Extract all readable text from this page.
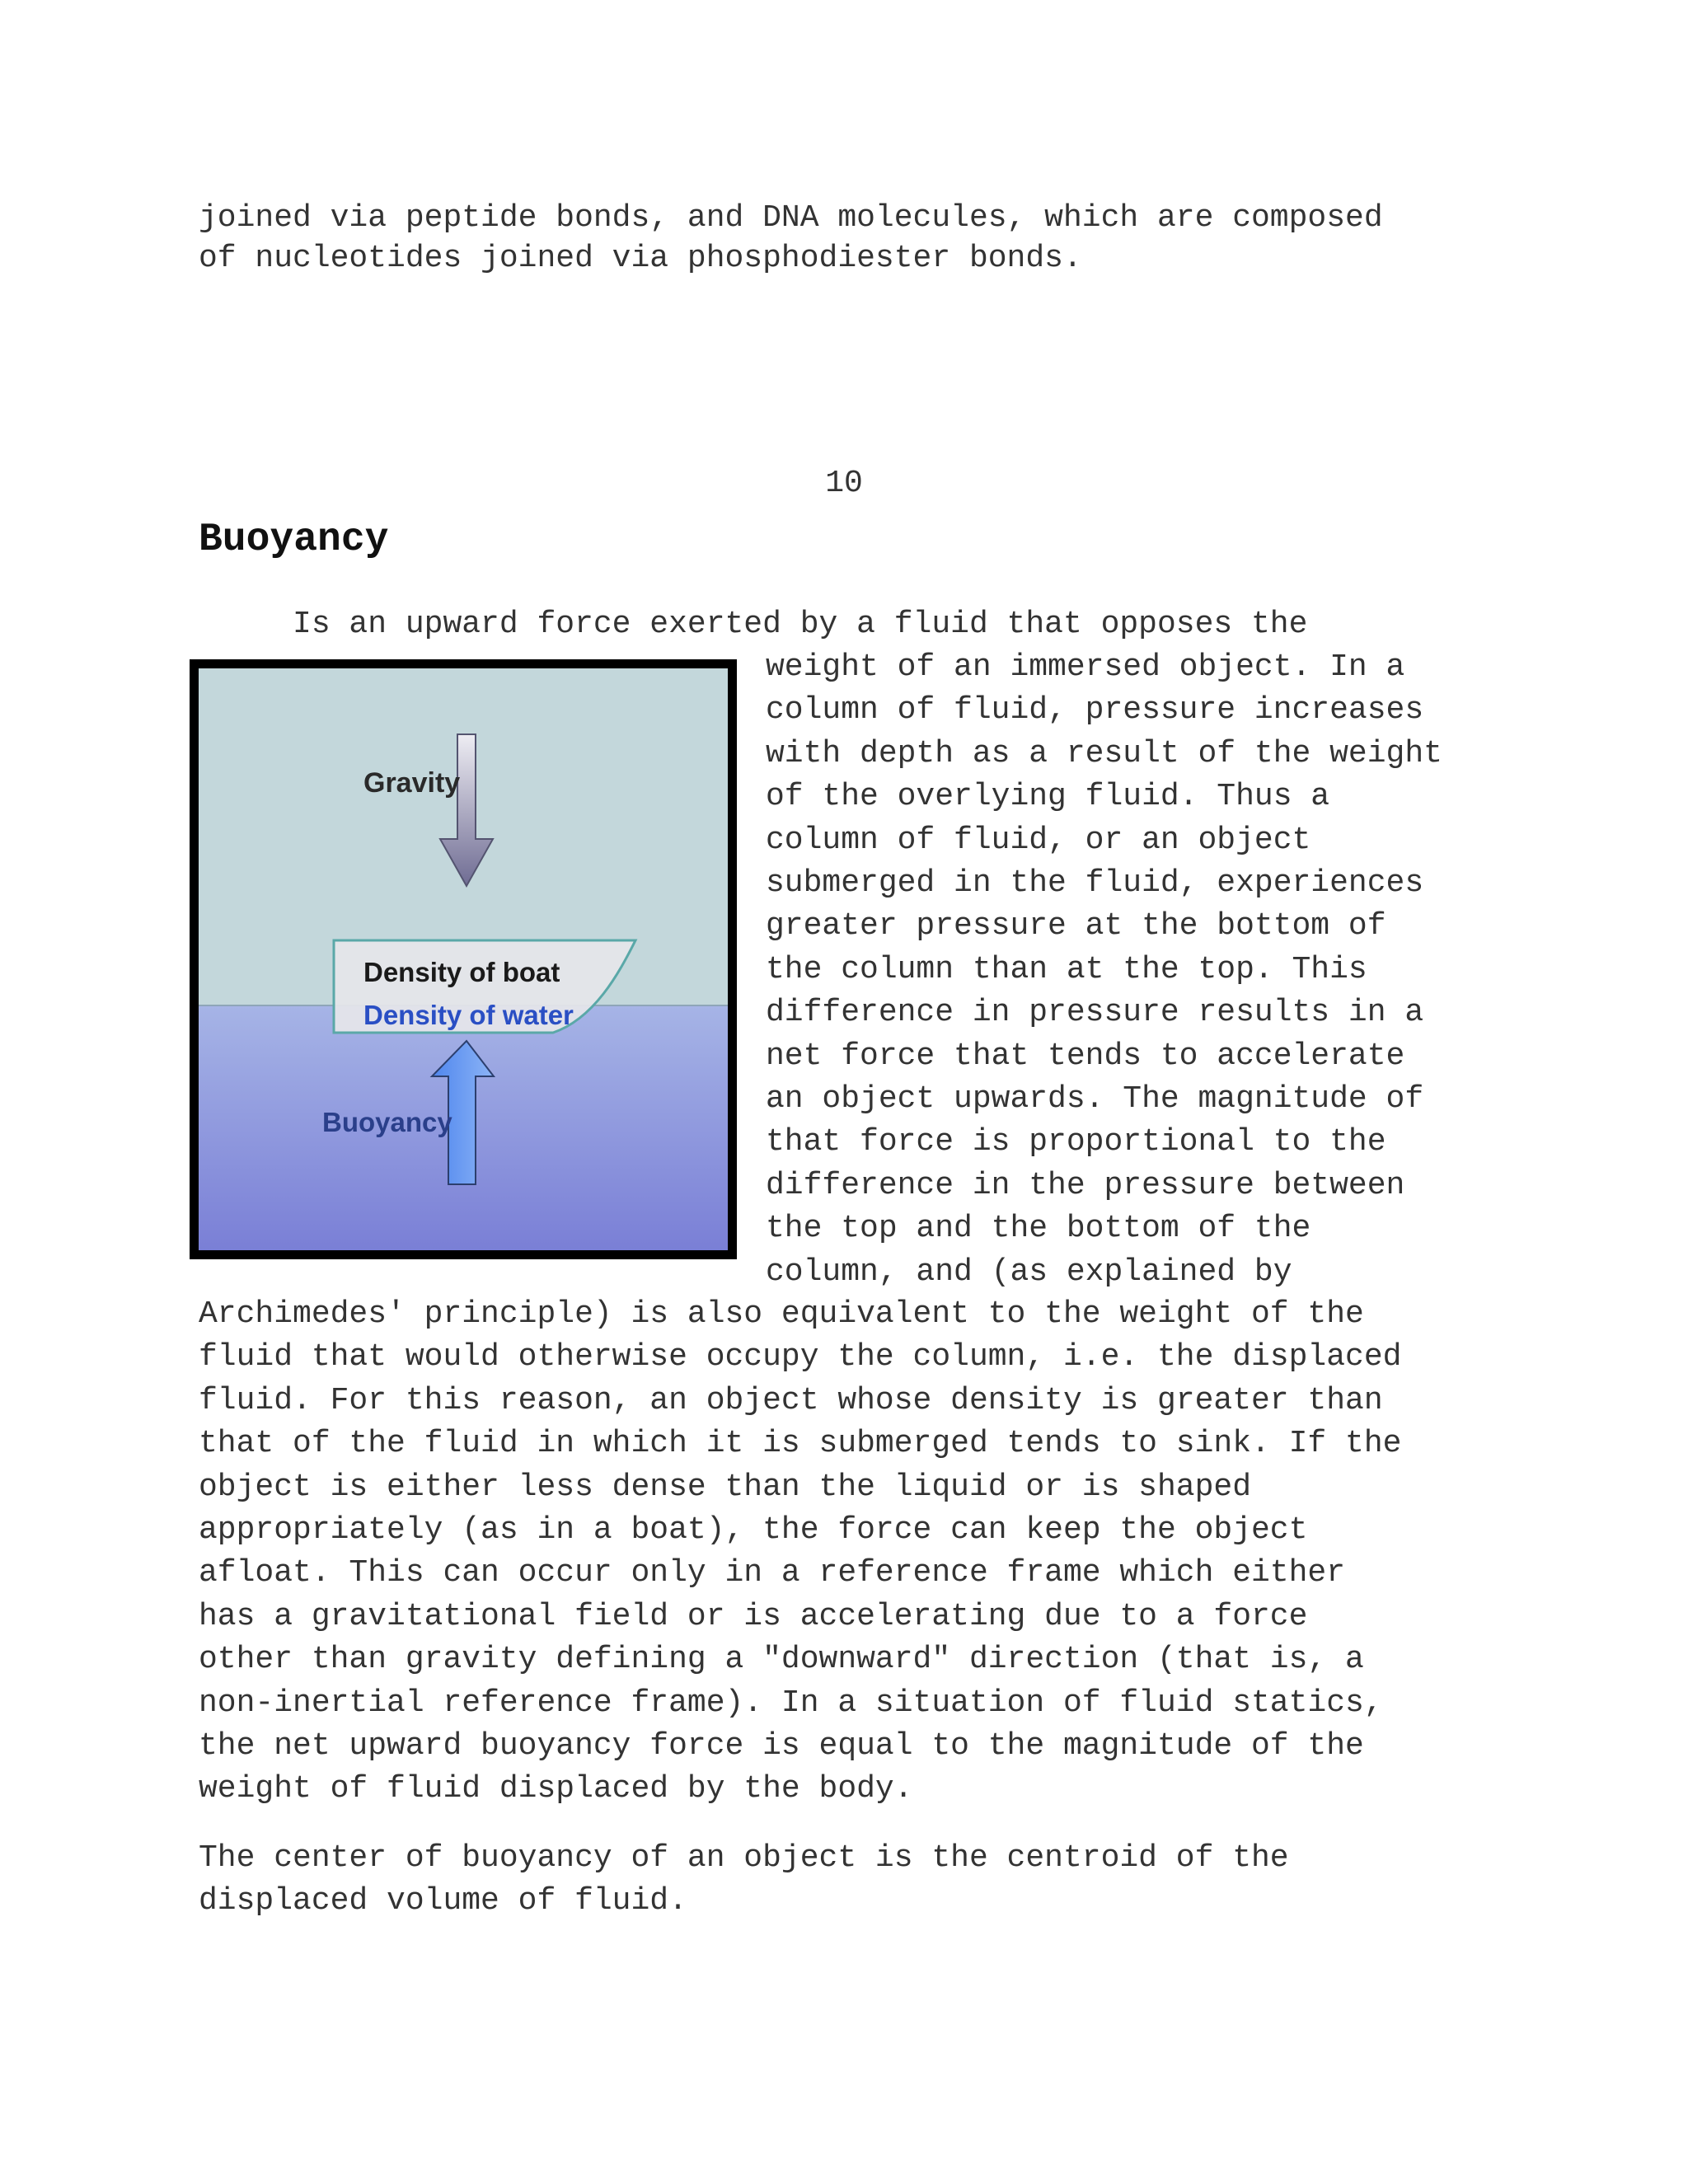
joined via peptide bonds, and DNA molecules, which are composed
of nucleotides joined via phosphodiester bonds.

10
Buoyancy

Is an upward force exerted by a fluid that opposes the

Gravity
Density of boat
Density of water
Buoyancy

weight of an immersed object. In a
column of fluid, pressure increases
with depth as a result of the weight
of the overlying fluid. Thus a
column of fluid, or an object
submerged in the fluid, experiences
greater pressure at the bottom of
the column than at the top. This
difference in pressure results in a
net force that tends to accelerate
an object upwards. The magnitude of
that force is proportional to the
difference in the pressure between
the top and the bottom of the
column, and (as explained by

Archimedes' principle) is also equivalent to the weight of the
fluid that would otherwise occupy the column, i.e. the displaced
fluid. For this reason, an object whose density is greater than
that of the fluid in which it is submerged tends to sink. If the
object is either less dense than the liquid or is shaped
appropriately (as in a boat), the force can keep the object
afloat. This can occur only in a reference frame which either
has a gravitational field or is accelerating due to a force
other than gravity defining a "downward" direction (that is, a
non-inertial reference frame). In a situation of fluid statics,
the net upward buoyancy force is equal to the magnitude of the
weight of fluid displaced by the body.

The center of buoyancy of an object is the centroid of the
displaced volume of fluid.
